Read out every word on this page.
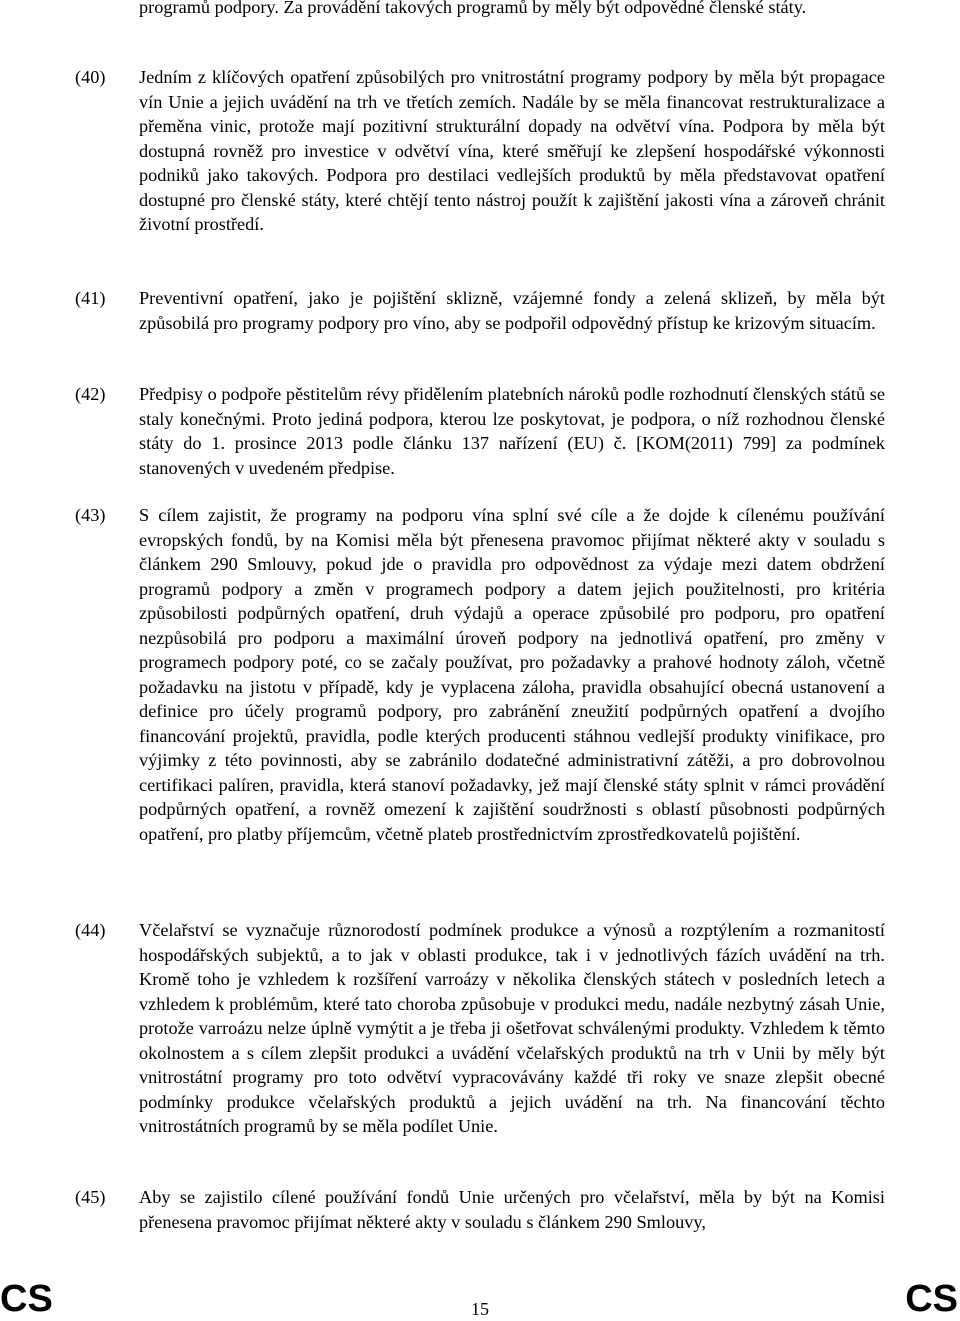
programů podpory. Za provádění takových programů by měly být odpovědné členské státy.
(40) Jedním z klíčových opatření způsobilých pro vnitrostátní programy podpory by měla být propagace vín Unie a jejich uvádění na trh ve třetích zemích. Nadále by se měla financovat restrukturalizace a přeměna vinic, protože mají pozitivní strukturální dopady na odvětví vína. Podpora by měla být dostupná rovněž pro investice v odvětví vína, které směřují ke zlepšení hospodářské výkonnosti podniků jako takových. Podpora pro destilaci vedlejších produktů by měla představovat opatření dostupné pro členské státy, které chtějí tento nástroj použít k zajištění jakosti vína a zároveň chránit životní prostředí.
(41) Preventivní opatření, jako je pojištění sklizně, vzájemné fondy a zelená sklizeň, by měla být způsobilá pro programy podpory pro víno, aby se podpořil odpovědný přístup ke krizovým situacím.
(42) Předpisy o podpoře pěstitelům révy přidělením platebních nároků podle rozhodnutí členských států se staly konečnými. Proto jediná podpora, kterou lze poskytovat, je podpora, o níž rozhodnou členské státy do 1. prosince 2013 podle článku 137 nařízení (EU) č. [KOM(2011) 799] za podmínek stanovených v uvedeném předpise.
(43) S cílem zajistit, že programy na podporu vína splní své cíle a že dojde k cílenému používání evropských fondů, by na Komisi měla být přenesena pravomoc přijímat některé akty v souladu s článkem 290 Smlouvy, pokud jde o pravidla pro odpovědnost za výdaje mezi datem obdržení programů podpory a změn v programech podpory a datem jejich použitelnosti, pro kritéria způsobilosti podpůrných opatření, druh výdajů a operace způsobilé pro podporu, pro opatření nezpůsobilá pro podporu a maximální úroveň podpory na jednotlivá opatření, pro změny v programech podpory poté, co se začaly používat, pro požadavky a prahové hodnoty záloh, včetně požadavku na jistotu v případě, kdy je vyplacena záloha, pravidla obsahující obecná ustanovení a definice pro účely programů podpory, pro zabránění zneužití podpůrných opatření a dvojího financování projektů, pravidla, podle kterých producenti stáhnou vedlejší produkty vinifikace, pro výjimky z této povinnosti, aby se zabránilo dodatečné administrativní zátěži, a pro dobrovolnou certifikaci palíren, pravidla, která stanoví požadavky, jež mají členské státy splnit v rámci provádění podpůrných opatření, a rovněž omezení k zajištění soudržnosti s oblastí působnosti podpůrných opatření, pro platby příjemcům, včetně plateb prostřednictvím zprostředkovatelů pojištění.
(44) Včelařství se vyznačuje různorodostí podmínek produkce a výnosů a rozptýlením a rozmanitostí hospodářských subjektů, a to jak v oblasti produkce, tak i v jednotlivých fázích uvádění na trh. Kromě toho je vzhledem k rozšíření varroázy v několika členských státech v posledních letech a vzhledem k problémům, které tato choroba způsobuje v produkci medu, nadále nezbytný zásah Unie, protože varroázu nelze úplně vymýtit a je třeba ji ošetřovat schválenými produkty. Vzhledem k těmto okolnostem a s cílem zlepšit produkci a uvádění včelařských produktů na trh v Unii by měly být vnitrostátní programy pro toto odvětví vypracovávány každé tři roky ve snaze zlepšit obecné podmínky produkce včelařských produktů a jejich uvádění na trh. Na financování těchto vnitrostátních programů by se měla podílet Unie.
(45) Aby se zajistilo cílené používání fondů Unie určených pro včelařství, měla by být na Komisi přenesena pravomoc přijímat některé akty v souladu s článkem 290 Smlouvy,
CS	15	CS
